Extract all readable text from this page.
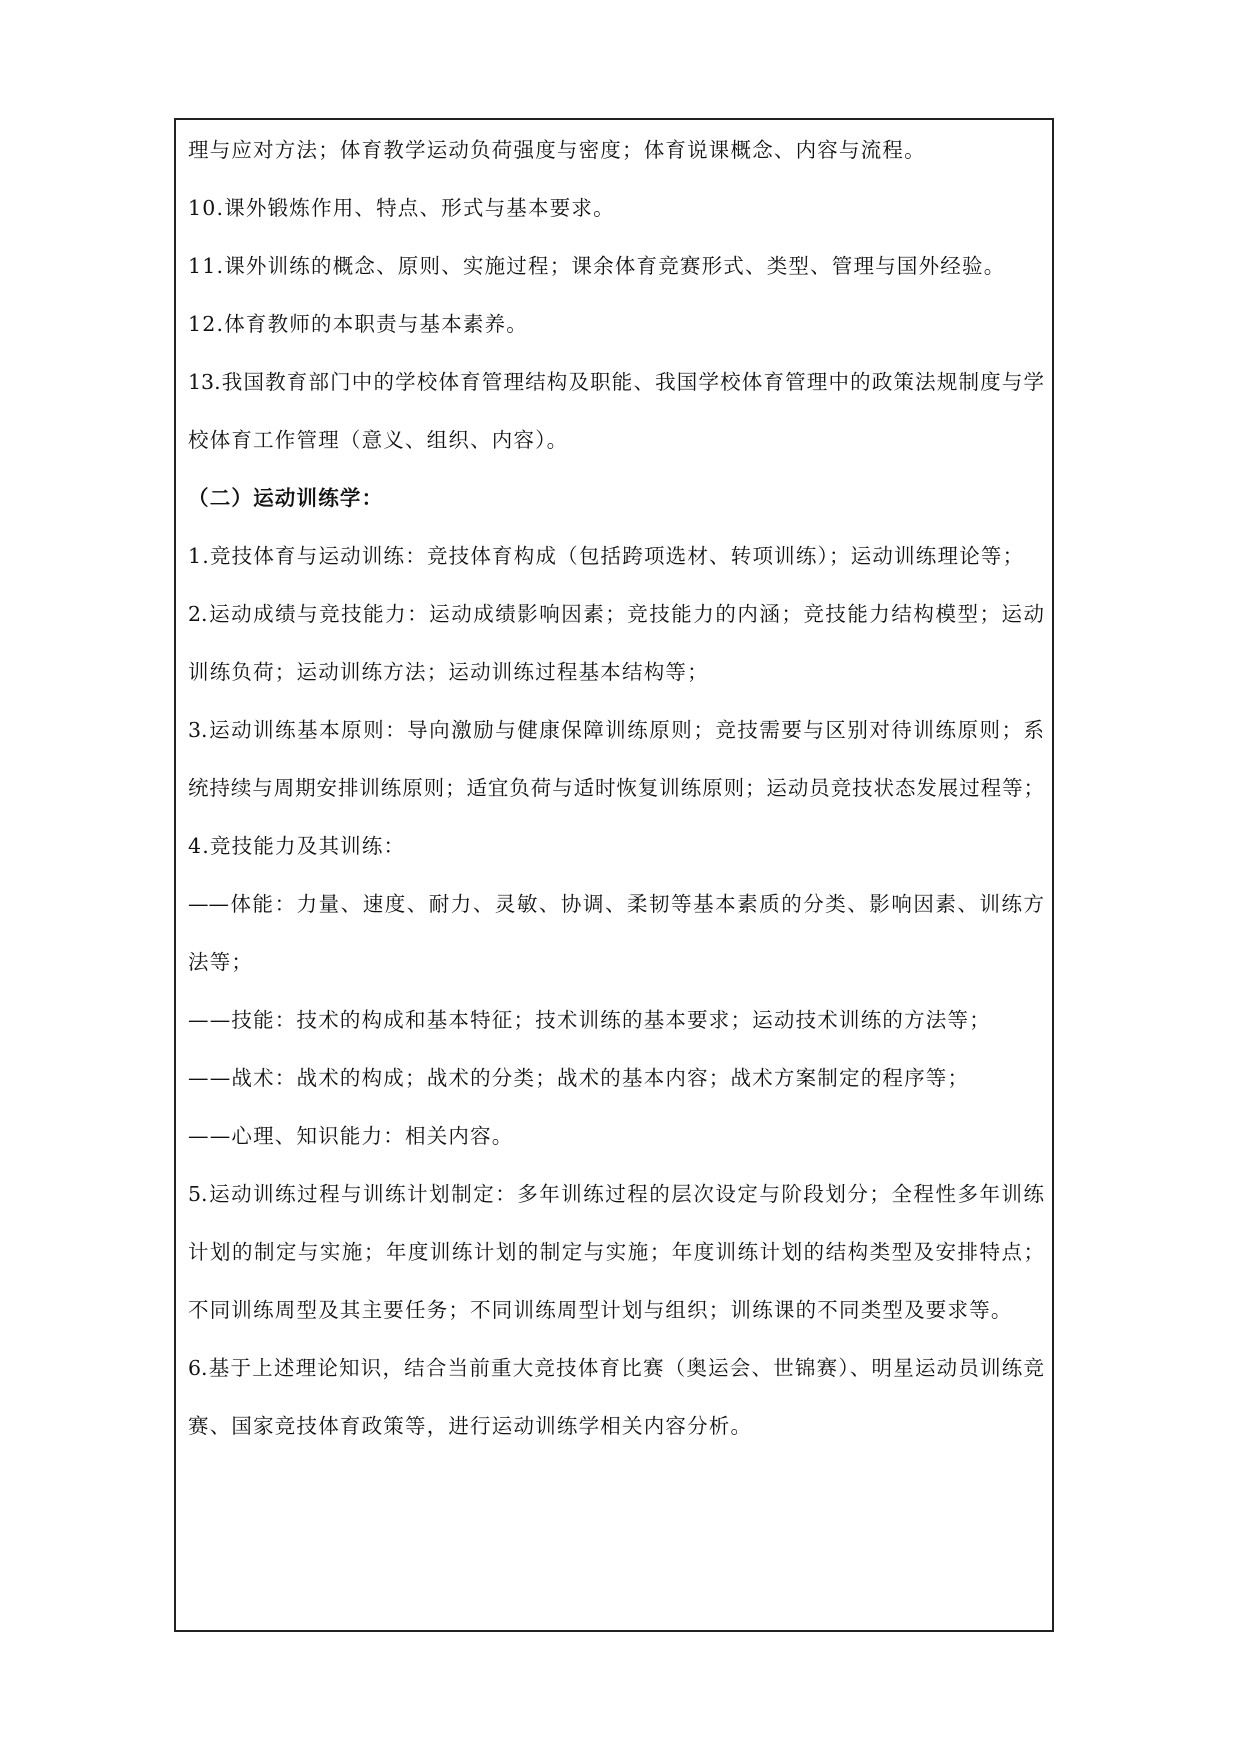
理与应对方法；体育教学运动负荷强度与密度；体育说课概念、内容与流程。
10.课外锻炼作用、特点、形式与基本要求。
11.课外训练的概念、原则、实施过程；课余体育竞赛形式、类型、管理与国外经验。
12.体育教师的本职责与基本素养。
13.我国教育部门中的学校体育管理结构及职能、我国学校体育管理中的政策法规制度与学
校体育工作管理（意义、组织、内容）。
（二）运动训练学：
1.竞技体育与运动训练：竞技体育构成（包括跨项选材、转项训练）；运动训练理论等；
2.运动成绩与竞技能力：运动成绩影响因素；竞技能力的内涵；竞技能力结构模型；运动
训练负荷；运动训练方法；运动训练过程基本结构等；
3.运动训练基本原则：导向激励与健康保障训练原则；竞技需要与区别对待训练原则；系
统持续与周期安排训练原则；适宜负荷与适时恢复训练原则；运动员竞技状态发展过程等；
4.竞技能力及其训练：
——体能：力量、速度、耐力、灵敏、协调、柔韧等基本素质的分类、影响因素、训练方
法等；
——技能：技术的构成和基本特征；技术训练的基本要求；运动技术训练的方法等；
——战术：战术的构成；战术的分类；战术的基本内容；战术方案制定的程序等；
——心理、知识能力：相关内容。
5.运动训练过程与训练计划制定：多年训练过程的层次设定与阶段划分；全程性多年训练
计划的制定与实施；年度训练计划的制定与实施；年度训练计划的结构类型及安排特点；
不同训练周型及其主要任务；不同训练周型计划与组织；训练课的不同类型及要求等。
6.基于上述理论知识，结合当前重大竞技体育比赛（奥运会、世锦赛）、明星运动员训练竞
赛、国家竞技体育政策等，进行运动训练学相关内容分析。
